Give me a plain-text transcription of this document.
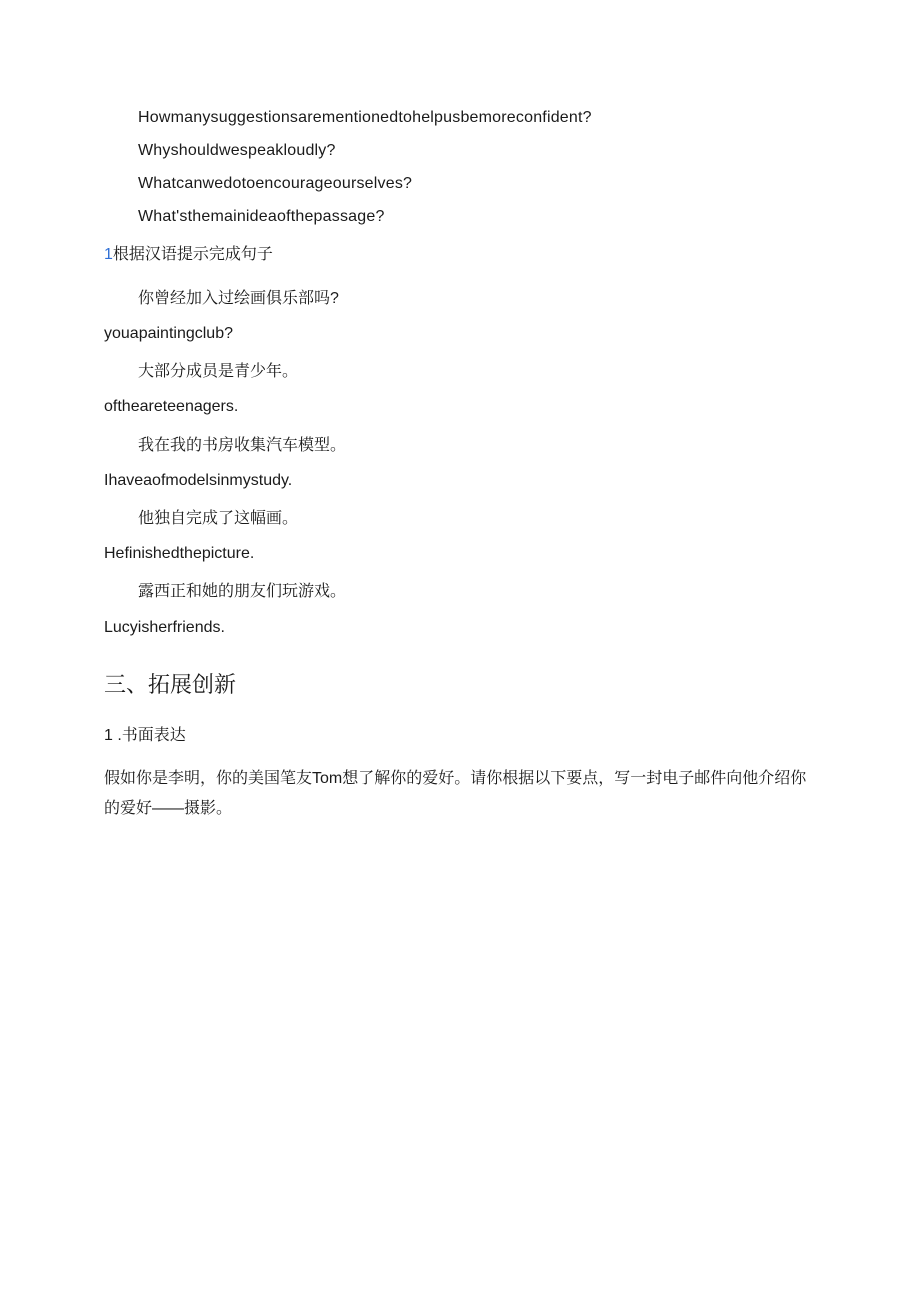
Howmanysuggestionsarementionedtohelpusbemoreconfident?
Whyshouldwespeakloudly?
Whatcanwedotoencourageourselves?
What'sthemainideaofthepassage?
1根据汉语提示完成句子
你曾经加入过绘画俱乐部吗?
youapaintingclub?
大部分成员是青少年。
oftheareteenagers.
我在我的书房收集汽车模型。
Ihaveaofmodelsinmystudy.
他独自完成了这幅画。
Hefinishedthepicture.
露西正和她的朋友们玩游戏。
Lucyisherfriends.
三、拓展创新
1 .书面表达
假如你是李明，你的美国笔友Tom想了解你的爱好。请你根据以下要点，写一封电子邮件向他介绍你的爱好——摄影。
